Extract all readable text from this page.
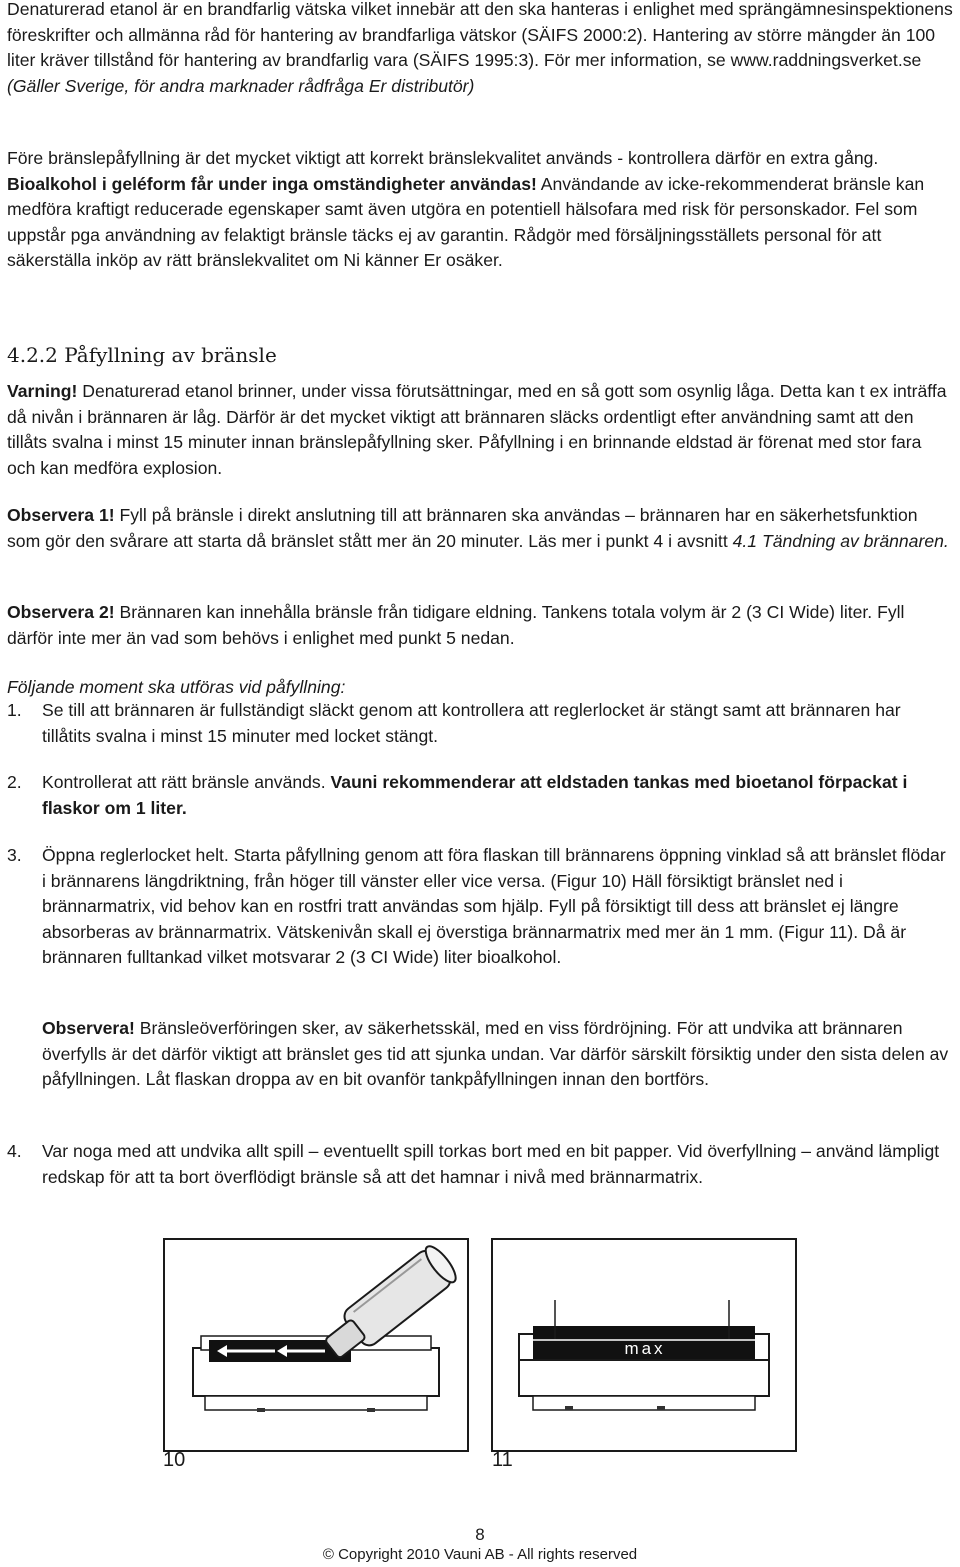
Denaturerad etanol är en brandfarlig vätska vilket innebär att den ska hanteras i enlighet med sprängämnesinspektionens föreskrifter och allmänna råd för hantering av brandfarliga vätskor (SÄIFS 2000:2). Hantering av större mängder än 100 liter kräver tillstånd för hantering av brandfarlig vara (SÄIFS 1995:3). För mer information, se www.raddningsverket.se
(Gäller Sverige, för andra marknader rådfråga Er distributör)
Före bränslepåfyllning är det mycket viktigt att korrekt bränslekvalitet används - kontrollera därför en extra gång. Bioalkohol i geléform får under inga omständigheter användas! Användande av icke-rekommenderat bränsle kan medföra kraftigt reducerade egenskaper samt även utgöra en potentiell hälsofara med risk för personskador. Fel som uppstår pga användning av felaktigt bränsle täcks ej av garantin. Rådgör med försäljningsställets personal för att säkerställa inköp av rätt bränslekvalitet om Ni känner Er osäker.
4.2.2 Påfyllning av bränsle
Varning! Denaturerad etanol brinner, under vissa förutsättningar, med en så gott som osynlig låga. Detta kan t ex inträffa då nivån i brännaren är låg. Därför är det mycket viktigt att brännaren släcks ordentligt efter användning samt att den tillåts svalna i minst 15 minuter innan bränslepåfyllning sker. Påfyllning i en brinnande eldstad är förenat med stor fara och kan medföra explosion.
Observera 1! Fyll på bränsle i direkt anslutning till att brännaren ska användas – brännaren har en säkerhetsfunktion som gör den svårare att starta då bränslet stått mer än 20 minuter. Läs mer i punkt 4 i avsnitt 4.1 Tändning av brännaren.
Observera 2! Brännaren kan innehålla bränsle från tidigare eldning. Tankens totala volym är 2 (3 CI Wide) liter. Fyll därför inte mer än vad som behövs i enlighet med punkt 5 nedan.
Följande moment ska utföras vid påfyllning:
1. Se till att brännaren är fullständigt släckt genom att kontrollera att reglerlocket är stängt samt att brännaren har tillåtits svalna i minst 15 minuter med locket stängt.
2. Kontrollerat att rätt bränsle används. Vauni rekommenderar att eldstaden tankas med bioetanol förpackat i flaskor om 1 liter.
3. Öppna reglerlocket helt. Starta påfyllning genom att föra flaskan till brännarens öppning vinklad så att bränslet flödar i brännarens längdriktning, från höger till vänster eller vice versa. (Figur 10) Häll försiktigt bränslet ned i brännarmatrix, vid behov kan en rostfri tratt användas som hjälp. Fyll på försiktigt till dess att bränslet ej längre absorberas av brännarmatrix. Vätskenivån skall ej överstiga brännarmatrix med mer än 1 mm. (Figur 11). Då är brännaren fulltankad vilket motsvarar 2 (3 CI Wide) liter bioalkohol.
Observera! Bränsleöverföringen sker, av säkerhetsskäl, med en viss fördröjning. För att undvika att brännaren överfylls är det därför viktigt att bränslet ges tid att sjunka undan. Var därför särskilt försiktig under den sista delen av påfyllningen. Låt flaskan droppa av en bit ovanför tankpåfyllningen innan den bortförs.
4. Var noga med att undvika allt spill – eventuellt spill torkas bort med en bit papper. Vid överfyllning – använd lämpligt redskap för att ta bort överflödigt bränsle så att det hamnar i nivå med brännarmatrix.
max
10	11
8
© Copyright 2010 Vauni AB - All rights reserved
